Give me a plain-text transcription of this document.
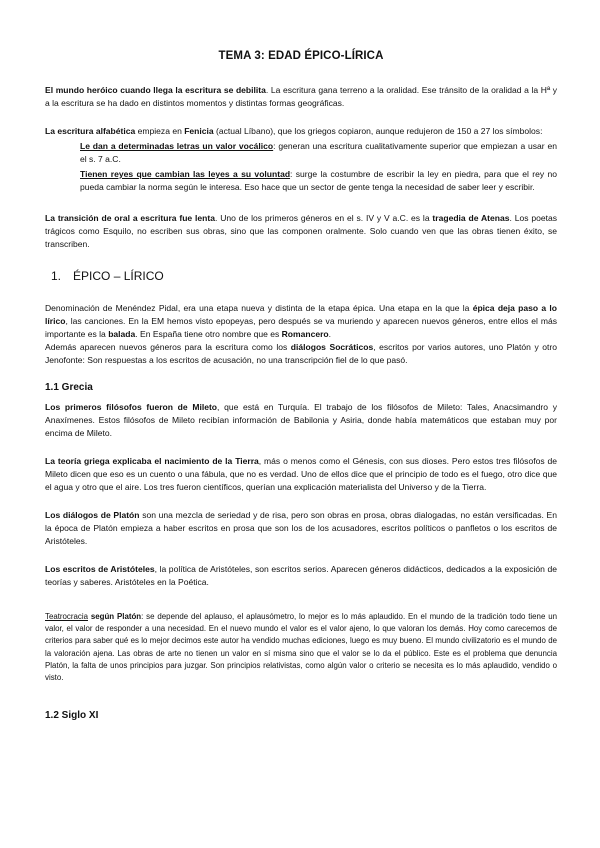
TEMA 3: EDAD ÉPICO-LÍRICA

El mundo heróico cuando llega la escritura se debilita. La escritura gana terreno a la oralidad. Ese tránsito de la oralidad a la Hª y a la escritura se ha dado en distintos momentos y distintas formas geográficas.

La escritura alfabética empieza en Fenicia (actual Líbano), que los griegos copiaron, aunque redujeron de 150 a 27 los símbolos:

Le dan a determinadas letras un valor vocálico: generan una escritura cualitativamente superior que empiezan a usar en el s. 7 a.C.

Tienen reyes que cambian las leyes a su voluntad: surge la costumbre de escribir la ley en piedra, para que el rey no pueda cambiar la norma según le interesa. Eso hace que un sector de gente tenga la necesidad de saber leer y escribir.

La transición de oral a escritura fue lenta. Uno de los primeros géneros en el s. IV y V a.C. es la tragedia de Atenas. Los poetas trágicos como Esquilo, no escriben sus obras, sino que las componen oralmente. Solo cuando ven que las obras tienen éxito, se transcriben.

1. ÉPICO – LÍRICO

Denominación de Menéndez Pidal, era una etapa nueva y distinta de la etapa épica. Una etapa en la que la épica deja paso a lo lírico, las canciones. En la EM hemos visto epopeyas, pero después se va muriendo y aparecen nuevos géneros, entre ellos el más importante es la balada. En España tiene otro nombre que es Romancero.

Además aparecen nuevos géneros para la escritura como los diálogos Socráticos, escritos por varios autores, uno Platón y otro Jenofonte: Son respuestas a los escritos de acusación, no una transcripción fiel de lo que pasó.

1.1 Grecia

Los primeros filósofos fueron de Mileto, que está en Turquía. El trabajo de los filósofos de Mileto: Tales, Anacsimandro y Anaxímenes. Estos filósofos de Mileto recibían información de Babilonia y Asiria, donde había matemáticos que estaban muy por encima de Mileto.

La teoría griega explicaba el nacimiento de la Tierra, más o menos como el Génesis, con sus dioses. Pero estos tres filósofos de Mileto dicen que eso es un cuento o una fábula, que no es verdad. Uno de ellos dice que el principio de todo es el fuego, otro dice que el agua y otro que el aire. Los tres fueron científicos, querían una explicación materialista del Universo y de la Tierra.

Los diálogos de Platón son una mezcla de seriedad y de risa, pero son obras en prosa, obras dialogadas, no están versificadas. En la época de Platón empieza a haber escritos en prosa que son los de los acusadores, escritos políticos o panfletos o los escritos de Aristóteles.

Los escritos de Aristóteles, la política de Aristóteles, son escritos serios. Aparecen géneros didácticos, dedicados a la exposición de teorías y saberes. Aristóteles en la Poética.

Teatrocracia según Platón: se depende del aplauso, el aplausómetro, lo mejor es lo más aplaudido. En el mundo de la tradición todo tiene un valor, el valor de responder a una necesidad. En el nuevo mundo el valor es el valor ajeno, lo que valoran los demás. Hoy como carecemos de criterios para saber qué es lo mejor decimos este autor ha vendido muchas ediciones, luego es muy bueno. El mundo civilizatorio es el mundo de la valoración ajena. Las obras de arte no tienen un valor en sí misma sino que el valor se lo da el público. Este es el problema que denuncia Platón, la falta de unos principios para juzgar. Son principios relativistas, como algún valor o criterio se necesita es lo más aplaudido, vendido o visto.

1.2 Siglo XI
